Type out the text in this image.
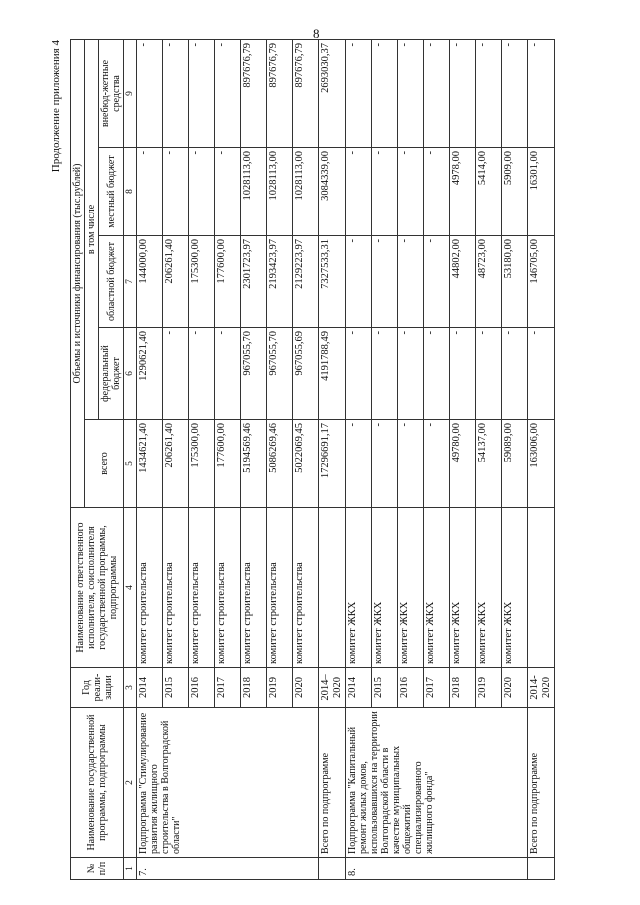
8
Продолжение приложения 4
№ п/п	Наименование государственной программы, подпрограммы	Год реали-зации	Наименование ответственного исполнителя, соисполнителя государственной программы, подпрограммы	Объемы и источники финансирования (тыс.рублей)				
				всего	в том числе			
					федеральный бюджет	областной бюджет	местный бюджет	внебюд-жетные средства
1	2	3	4	5	6	7	8	9
7.	Подпрограмма "Стимулирование развития жилищного строительства в Волгоградской области"	2014	комитет строительства	1434621,40	1290621,40	144000,00	-	-
		2015	комитет строительства	206261,40	-	206261,40	-	-
		2016	комитет строительства	175300,00	-	175300,00	-	-
		2017	комитет строительства	177600,00	-	177600,00	-	-
		2018	комитет строительства	5194569,46	967055,70	2301723,97	1028113,00	897676,79
		2019	комитет строительства	5086269,46	967055,70	2193423,97	1028113,00	897676,79
		2020	комитет строительства	5022069,45	967055,69	2129223,97	1028113,00	897676,79
	Всего по подпрограмме	2014–2020		17296691,17	4191788,49	7327533,31	3084339,00	2693030,37
8.	Подпрограмма "Капитальный ремонт жилых домов, использовавшихся на территории Волгоградской области в качестве муниципальных общежитий специализированного жилищного фонда"	2014	комитет ЖКХ	-	-	-	-	-
		2015	комитет ЖКХ	-	-	-	-	-
		2016	комитет ЖКХ	-	-	-	-	-
		2017	комитет ЖКХ	-	-	-	-	-
		2018	комитет ЖКХ	49780,00	-	44802,00	4978,00	-
		2019	комитет ЖКХ	54137,00	-	48723,00	5414,00	-
		2020	комитет ЖКХ	59089,00	-	53180,00	5909,00	-
	Всего по подпрограмме	2014-2020		163006,00	-	146705,00	16301,00	-
